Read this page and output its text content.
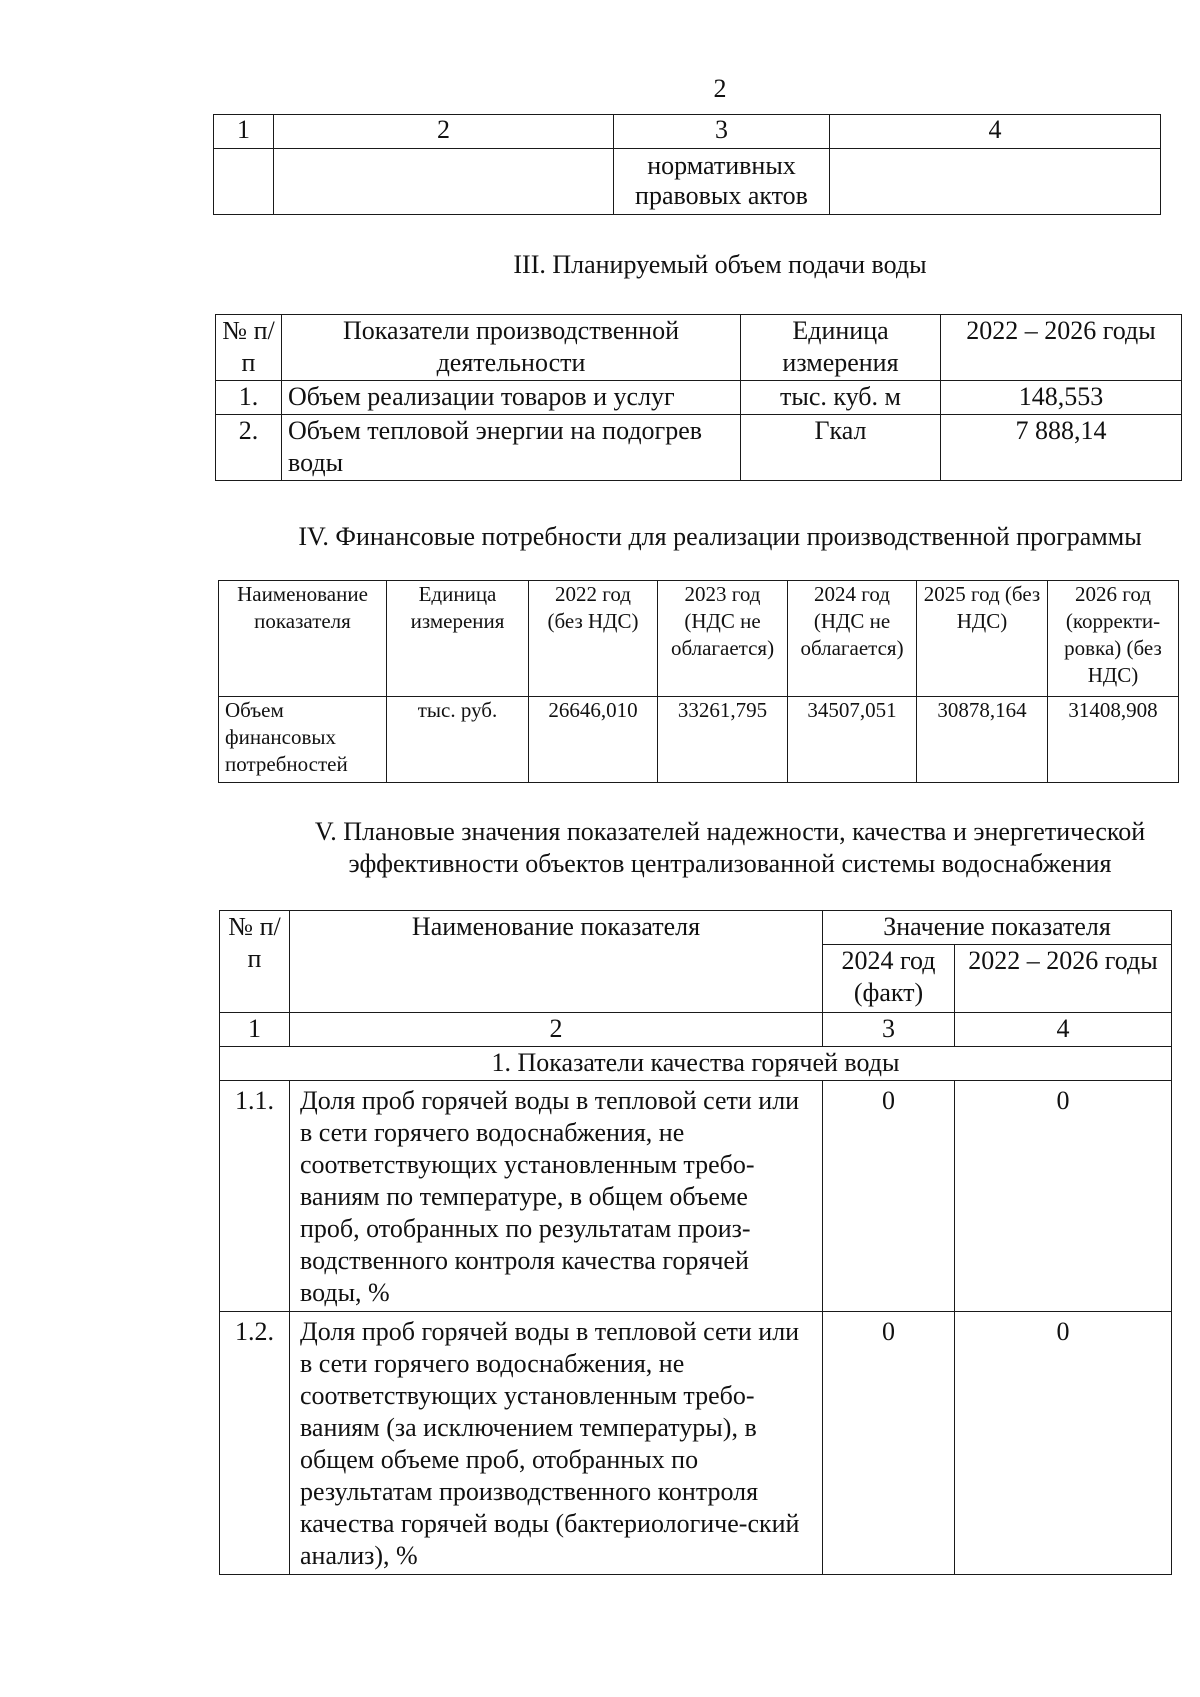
2
1	2	3	4
		нормативных правовых актов	
III. Планируемый объем подачи воды
№ п/п	Показатели производственной деятельности	Единица измерения	2022 – 2026 годы
1.	Объем реализации товаров и услуг	тыс. куб. м	148,553
2.	Объем тепловой энергии на подогрев воды	Гкал	7 888,14
IV. Финансовые потребности для реализации производственной программы
Наименование показателя	Единица измерения	2022 год (без НДС)	2023 год (НДС не облагается)	2024 год (НДС не облагается)	2025 год (без НДС)	2026 год (корректи-ровка) (без НДС)
Объем финансовых потребностей	тыс. руб.	26646,010	33261,795	34507,051	30878,164	31408,908
V. Плановые значения показателей надежности, качества и энергетической
эффективности объектов централизованной системы водоснабжения
№ п/п	Наименование показателя	Значение показателя	
		2024 год (факт)	2022 – 2026 годы
1	2	3	4
1. Показатели качества горячей воды			
1.1.	Доля проб горячей воды в тепловой сети или в сети горячего водоснабжения, не соответствующих установленным требо-ваниям по температуре, в общем объеме проб, отобранных по результатам произ-водственного контроля качества горячей воды, %	0	0
1.2.	Доля проб горячей воды в тепловой сети или в сети горячего водоснабжения, не соответствующих установленным требо-ваниям (за исключением температуры), в общем объеме проб, отобранных по результатам производственного контроля качества горячей воды (бактериологиче-ский анализ), %	0	0
